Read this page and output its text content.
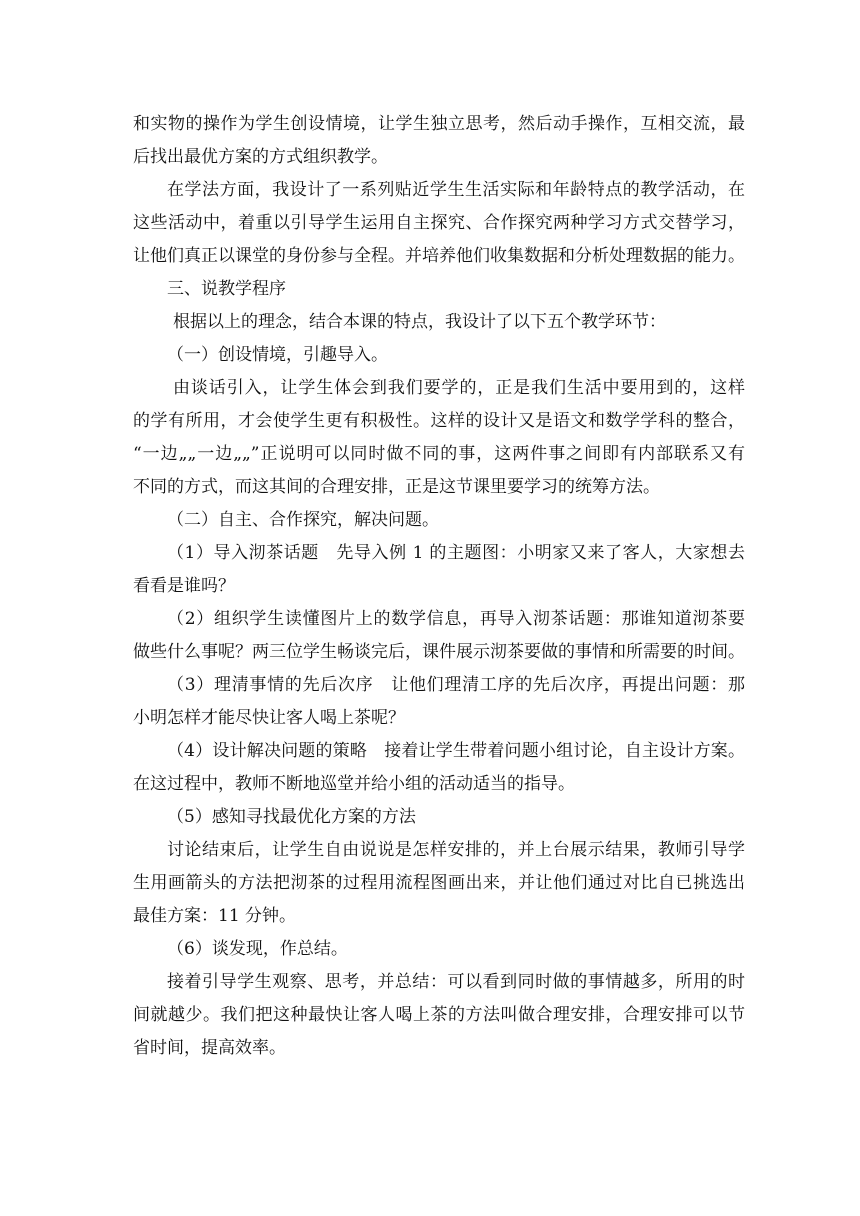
和实物的操作为学生创设情境，让学生独立思考，然后动手操作，互相交流，最
后找出最优方案的方式组织教学。
在学法方面，我设计了一系列贴近学生生活实际和年龄特点的教学活动，在
这些活动中，着重以引导学生运用自主探究、合作探究两种学习方式交替学习，
让他们真正以课堂的身份参与全程。并培养他们收集数据和分析处理数据的能力。
三、说教学程序
根据以上的理念，结合本课的特点，我设计了以下五个教学环节：
（一）创设情境，引趣导入。
由谈话引入，让学生体会到我们要学的，正是我们生活中要用到的，这样
的学有所用，才会使学生更有积极性。这样的设计又是语文和数学学科的整合，
“一边„„一边„„”正说明可以同时做不同的事，这两件事之间即有内部联系又有
不同的方式，而这其间的合理安排，正是这节课里要学习的统筹方法。
（二）自主、合作探究，解决问题。
（1）导入沏茶话题　先导入例 1 的主题图：小明家又来了客人，大家想去
看看是谁吗？
（2）组织学生读懂图片上的数学信息，再导入沏茶话题：那谁知道沏茶要
做些什么事呢？两三位学生畅谈完后，课件展示沏茶要做的事情和所需要的时间。
（3）理清事情的先后次序　让他们理清工序的先后次序，再提出问题：那
小明怎样才能尽快让客人喝上茶呢？
（4）设计解决问题的策略　接着让学生带着问题小组讨论，自主设计方案。
在这过程中，教师不断地巡堂并给小组的活动适当的指导。
（5）感知寻找最优化方案的方法
讨论结束后，让学生自由说说是怎样安排的，并上台展示结果，教师引导学
生用画箭头的方法把沏茶的过程用流程图画出来，并让他们通过对比自已挑选出
最佳方案：11 分钟。
（6）谈发现，作总结。
接着引导学生观察、思考，并总结：可以看到同时做的事情越多，所用的时
间就越少。我们把这种最快让客人喝上茶的方法叫做合理安排，合理安排可以节
省时间，提高效率。
